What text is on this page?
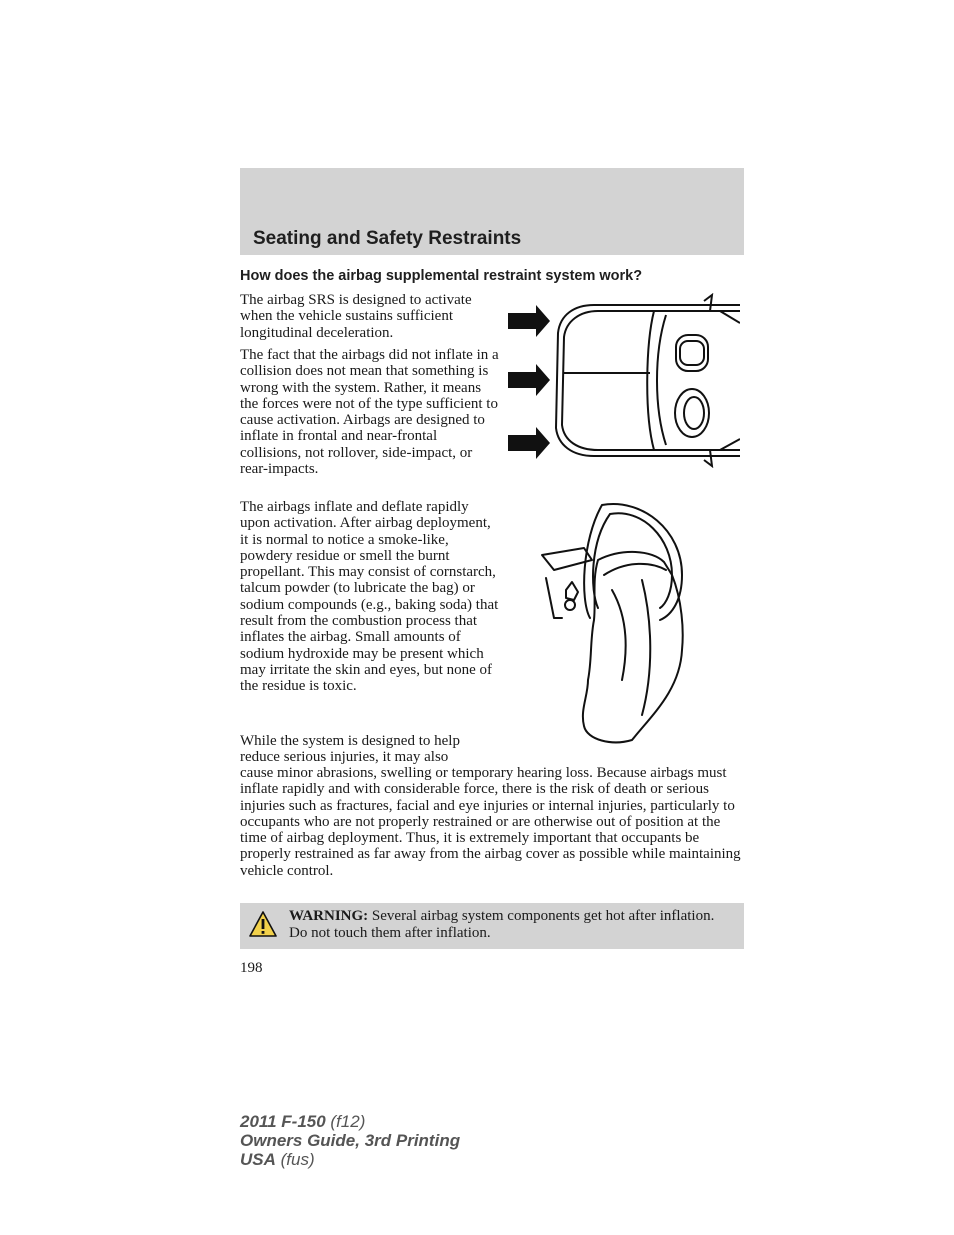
Seating and Safety Restraints
How does the airbag supplemental restraint system work?

The airbag SRS is designed to activate when the vehicle sustains sufficient longitudinal deceleration.

The fact that the airbags did not inflate in a collision does not mean that something is wrong with the system. Rather, it means the forces were not of the type sufficient to cause activation. Airbags are designed to inflate in frontal and near-frontal collisions, not rollover, side-impact, or rear-impacts.

The airbags inflate and deflate rapidly upon activation. After airbag deployment, it is normal to notice a smoke-like, powdery residue or smell the burnt propellant. This may consist of cornstarch, talcum powder (to lubricate the bag) or sodium compounds (e.g., baking soda) that result from the combustion process that inflates the airbag. Small amounts of sodium hydroxide may be present which may irritate the skin and eyes, but none of the residue is toxic.

While the system is designed to help reduce serious injuries, it may also

cause minor abrasions, swelling or temporary hearing loss. Because airbags must inflate rapidly and with considerable force, there is the risk of death or serious injuries such as fractures, facial and eye injuries or internal injuries, particularly to occupants who are not properly restrained or are otherwise out of position at the time of airbag deployment. Thus, it is extremely important that occupants be properly restrained as far away from the airbag cover as possible while maintaining vehicle control.

WARNING: Several airbag system components get hot after inflation. Do not touch them after inflation.

198

2011 F-150 (f12)

Owners Guide, 3rd Printing

USA (fus)
